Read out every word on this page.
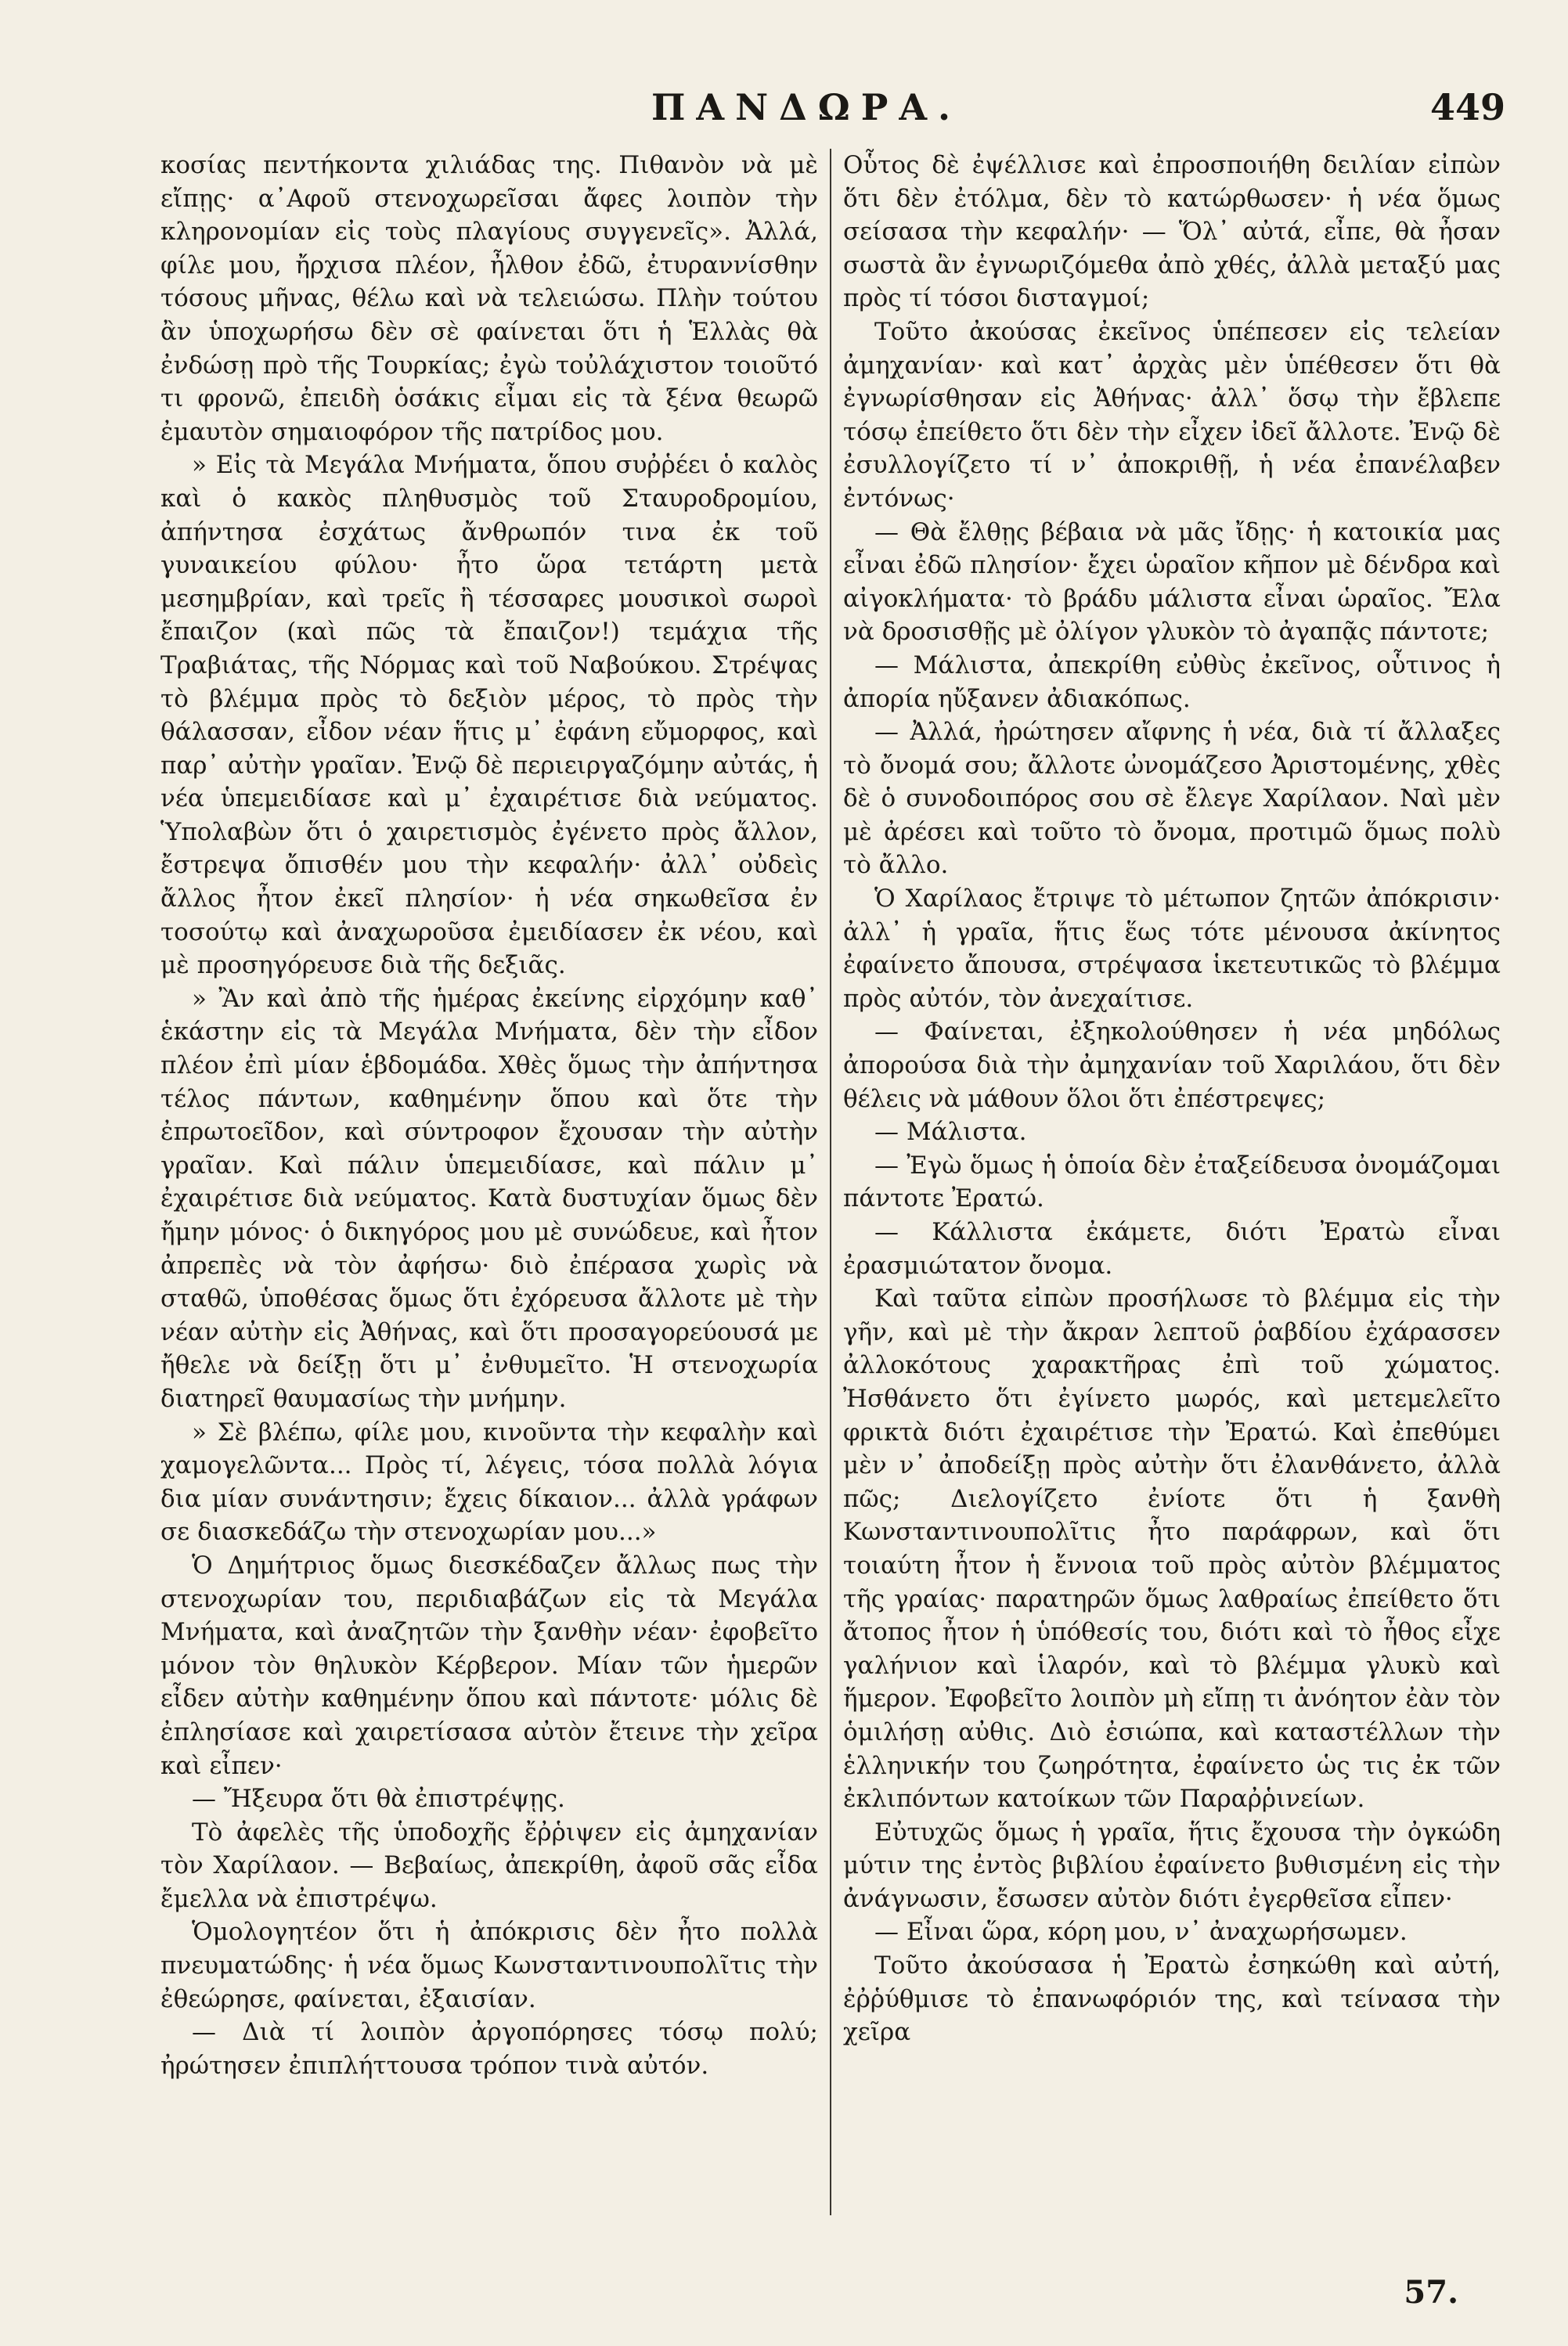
ΠΑΝΔΩΡΑ.	449

κοσίας πεντήκοντα χιλιάδας της. Πιθανὸν νὰ μὲ εἴπῃς· α᾽Αφοῦ στενοχωρεῖσαι ἄφες λοιπὸν τὴν κληρονομίαν εἰς τοὺς πλαγίους συγγενεῖς». Ἀλλά, φίλε μου, ἤρχισα πλέον, ἦλθον ἐδῶ, ἐτυραννίσθην τόσους μῆνας, θέλω καὶ νὰ τελειώσω. Πλὴν τούτου ἂν ὑποχωρήσω δὲν σὲ φαίνεται ὅτι ἡ Ἑλλὰς θὰ ἐνδώσῃ πρὸ τῆς Τουρκίας; ἐγὼ τοὐλάχιστον τοιοῦτό τι φρονῶ, ἐπειδὴ ὁσάκις εἶμαι εἰς τὰ ξένα θεωρῶ ἐμαυτὸν σημαιοφόρον τῆς πατρίδος μου.

» Εἰς τὰ Μεγάλα Μνήματα, ὅπου συῤῥέει ὁ καλὸς καὶ ὁ κακὸς πληθυσμὸς τοῦ Σταυροδρομίου, ἀπήντησα ἐσχάτως ἄνθρωπόν τινα ἐκ τοῦ γυναικείου φύλου· ἦτο ὥρα τετάρτη μετὰ μεσημβρίαν, καὶ τρεῖς ἢ τέσσαρες μουσικοὶ σωροὶ ἔπαιζον (καὶ πῶς τὰ ἔπαιζον!) τεμάχια τῆς Τραβιάτας, τῆς Νόρμας καὶ τοῦ Ναβούκου. Στρέψας τὸ βλέμμα πρὸς τὸ δεξιὸν μέρος, τὸ πρὸς τὴν θάλασσαν, εἶδον νέαν ἥτις μ᾽ ἐφάνη εὔμορφος, καὶ παρ᾽ αὐτὴν γραῖαν. Ἐνῷ δὲ περιειργαζόμην αὐτάς, ἡ νέα ὑπεμειδίασε καὶ μ᾽ ἐχαιρέτισε διὰ νεύματος. Ὑπολαβὼν ὅτι ὁ χαιρετισμὸς ἐγένετο πρὸς ἄλλον, ἔστρεψα ὄπισθέν μου τὴν κεφαλήν· ἀλλ᾽ οὐδεὶς ἄλλος ἦτον ἐκεῖ πλησίον· ἡ νέα σηκωθεῖσα ἐν τοσούτῳ καὶ ἀναχωροῦσα ἐμειδίασεν ἐκ νέου, καὶ μὲ προσηγόρευσε διὰ τῆς δεξιᾶς.

» Ἂν καὶ ἀπὸ τῆς ἡμέρας ἐκείνης εἰρχόμην καθ᾽ ἑκάστην εἰς τὰ Μεγάλα Μνήματα, δὲν τὴν εἶδον πλέον ἐπὶ μίαν ἑβδομάδα. Χθὲς ὅμως τὴν ἀπήντησα τέλος πάντων, καθημένην ὅπου καὶ ὅτε τὴν ἐπρωτοεῖδον, καὶ σύντροφον ἔχουσαν τὴν αὐτὴν γραῖαν. Καὶ πάλιν ὑπεμειδίασε, καὶ πάλιν μ᾽ ἐχαιρέτισε διὰ νεύματος. Κατὰ δυστυχίαν ὅμως δὲν ἤμην μόνος· ὁ δικηγόρος μου μὲ συνώδευε, καὶ ἦτον ἀπρεπὲς νὰ τὸν ἀφήσω· διὸ ἐπέρασα χωρὶς νὰ σταθῶ, ὑποθέσας ὅμως ὅτι ἐχόρευσα ἄλλοτε μὲ τὴν νέαν αὐτὴν εἰς Ἀθήνας, καὶ ὅτι προσαγορεύουσά με ἤθελε νὰ δείξῃ ὅτι μ᾽ ἐνθυμεῖτο. Ἡ στενοχωρία διατηρεῖ θαυμασίως τὴν μνήμην.

» Σὲ βλέπω, φίλε μου, κινοῦντα τὴν κεφαλὴν καὶ χαμογελῶντα... Πρὸς τί, λέγεις, τόσα πολλὰ λόγια δια μίαν συνάντησιν; ἔχεις δίκαιον... ἀλλὰ γράφων σε διασκεδάζω τὴν στενοχωρίαν μου...»

Ὁ Δημήτριος ὅμως διεσκέδαζεν ἄλλως πως τὴν στενοχωρίαν του, περιδιαβάζων εἰς τὰ Μεγάλα Μνήματα, καὶ ἀναζητῶν τὴν ξανθὴν νέαν· ἐφοβεῖτο μόνον τὸν θηλυκὸν Κέρβερον. Μίαν τῶν ἡμερῶν εἶδεν αὐτὴν καθημένην ὅπου καὶ πάντοτε· μόλις δὲ ἐπλησίασε καὶ χαιρετίσασα αὐτὸν ἔτεινε τὴν χεῖρα καὶ εἶπεν·

— Ἤξευρα ὅτι θὰ ἐπιστρέψῃς.

Τὸ ἀφελὲς τῆς ὑποδοχῆς ἔῤῥιψεν εἰς ἀμηχανίαν τὸν Χαρίλαον. — Βεβαίως, ἀπεκρίθη, ἀφοῦ σᾶς εἶδα ἔμελλα νὰ ἐπιστρέψω.

Ὁμολογητέον ὅτι ἡ ἀπόκρισις δὲν ἦτο πολλὰ πνευματώδης· ἡ νέα ὅμως Κωνσταντινουπολῖτις τὴν ἐθεώρησε, φαίνεται, ἐξαισίαν.

— Διὰ τί λοιπὸν ἀργοπόρησες τόσῳ πολύ; ἠρώτησεν ἐπιπλήττουσα τρόπον τινὰ αὐτόν.

Οὗτος δὲ ἐψέλλισε καὶ ἐπροσποιήθη δειλίαν εἰπὼν ὅτι δὲν ἐτόλμα, δὲν τὸ κατώρθωσεν· ἡ νέα ὅμως σείσασα τὴν κεφαλήν· — Ὅλ᾽ αὐτά, εἶπε, θὰ ἦσαν σωστὰ ἂν ἐγνωριζόμεθα ἀπὸ χθές, ἀλλὰ μεταξύ μας πρὸς τί τόσοι δισταγμοί;

Τοῦτο ἀκούσας ἐκεῖνος ὑπέπεσεν εἰς τελείαν ἀμηχανίαν· καὶ κατ᾽ ἀρχὰς μὲν ὑπέθεσεν ὅτι θὰ ἐγνωρίσθησαν εἰς Ἀθήνας· ἀλλ᾽ ὅσῳ τὴν ἔβλεπε τόσῳ ἐπείθετο ὅτι δὲν τὴν εἶχεν ἰδεῖ ἄλλοτε. Ἐνῷ δὲ ἐσυλλογίζετο τί ν᾽ ἀποκριθῇ, ἡ νέα ἐπανέλαβεν ἐντόνως·

— Θὰ ἔλθῃς βέβαια νὰ μᾶς ἴδῃς· ἡ κατοικία μας εἶναι ἐδῶ πλησίον· ἔχει ὡραῖον κῆπον μὲ δένδρα καὶ αἰγοκλήματα· τὸ βράδυ μάλιστα εἶναι ὡραῖος. Ἔλα νὰ δροσισθῇς μὲ ὀλίγον γλυκὸν τὸ ἀγαπᾷς πάντοτε;

— Μάλιστα, ἀπεκρίθη εὐθὺς ἐκεῖνος, οὗτινος ἡ ἀπορία ηὔξανεν ἀδιακόπως.

— Ἀλλά, ἠρώτησεν αἴφνης ἡ νέα, διὰ τί ἄλλαξες τὸ ὄνομά σου; ἄλλοτε ὠνομάζεσο Ἀριστομένης, χθὲς δὲ ὁ συνοδοιπόρος σου σὲ ἔλεγε Χαρίλαον. Ναὶ μὲν μὲ ἀρέσει καὶ τοῦτο τὸ ὄνομα, προτιμῶ ὅμως πολὺ τὸ ἄλλο.

Ὁ Χαρίλαος ἔτριψε τὸ μέτωπον ζητῶν ἀπόκρισιν· ἀλλ᾽ ἡ γραῖα, ἥτις ἕως τότε μένουσα ἀκίνητος ἐφαίνετο ἄπουσα, στρέψασα ἱκετευτικῶς τὸ βλέμμα πρὸς αὐτόν, τὸν ἀνεχαίτισε.

— Φαίνεται, ἐξηκολούθησεν ἡ νέα μηδόλως ἀπορούσα διὰ τὴν ἀμηχανίαν τοῦ Χαριλάου, ὅτι δὲν θέλεις νὰ μάθουν ὅλοι ὅτι ἐπέστρεψες;

— Μάλιστα.

— Ἐγὼ ὅμως ἡ ὁποία δὲν ἐταξείδευσα ὀνομάζομαι πάντοτε Ἐρατώ.

— Κάλλιστα ἐκάμετε, διότι Ἐρατὼ εἶναι ἐρασμιώτατον ὄνομα.

Καὶ ταῦτα εἰπὼν προσήλωσε τὸ βλέμμα εἰς τὴν γῆν, καὶ μὲ τὴν ἄκραν λεπτοῦ ῥαβδίου ἐχάρασσεν ἀλλοκότους χαρακτῆρας ἐπὶ τοῦ χώματος. Ἠσθάνετο ὅτι ἐγίνετο μωρός, καὶ μετεμελεῖτο φρικτὰ διότι ἐχαιρέτισε τὴν Ἐρατώ. Καὶ ἐπεθύμει μὲν ν᾽ ἀποδείξῃ πρὸς αὐτὴν ὅτι ἐλανθάνετο, ἀλλὰ πῶς; Διελογίζετο ἐνίοτε ὅτι ἡ ξανθὴ Κωνσταντινουπολῖτις ἦτο παράφρων, καὶ ὅτι τοιαύτη ἦτον ἡ ἔννοια τοῦ πρὸς αὐτὸν βλέμματος τῆς γραίας· παρατηρῶν ὅμως λαθραίως ἐπείθετο ὅτι ἄτοπος ἦτον ἡ ὑπόθεσίς του, διότι καὶ τὸ ἦθος εἶχε γαλήνιον καὶ ἱλαρόν, καὶ τὸ βλέμμα γλυκὺ καὶ ἥμερον. Ἐφοβεῖτο λοιπὸν μὴ εἴπῃ τι ἀνόητον ἐὰν τὸν ὁμιλήσῃ αὐθις. Διὸ ἐσιώπα, καὶ καταστέλλων τὴν ἑλληνικήν του ζωηρότητα, ἐφαίνετο ὡς τις ἐκ τῶν ἐκλιπόντων κατοίκων τῶν Παραῤῥινείων.

Εὐτυχῶς ὅμως ἡ γραῖα, ἥτις ἔχουσα τὴν ὀγκώδη μύτιν της ἐντὸς βιβλίου ἐφαίνετο βυθισμένη εἰς τὴν ἀνάγνωσιν, ἔσωσεν αὐτὸν διότι ἐγερθεῖσα εἶπεν·

— Εἶναι ὥρα, κόρη μου, ν᾽ ἀναχωρήσωμεν.

Τοῦτο ἀκούσασα ἡ Ἐρατὼ ἐσηκώθη καὶ αὐτή, ἐῤῥύθμισε τὸ ἐπανωφόριόν της, καὶ τείνασα τὴν χεῖρα

57.
